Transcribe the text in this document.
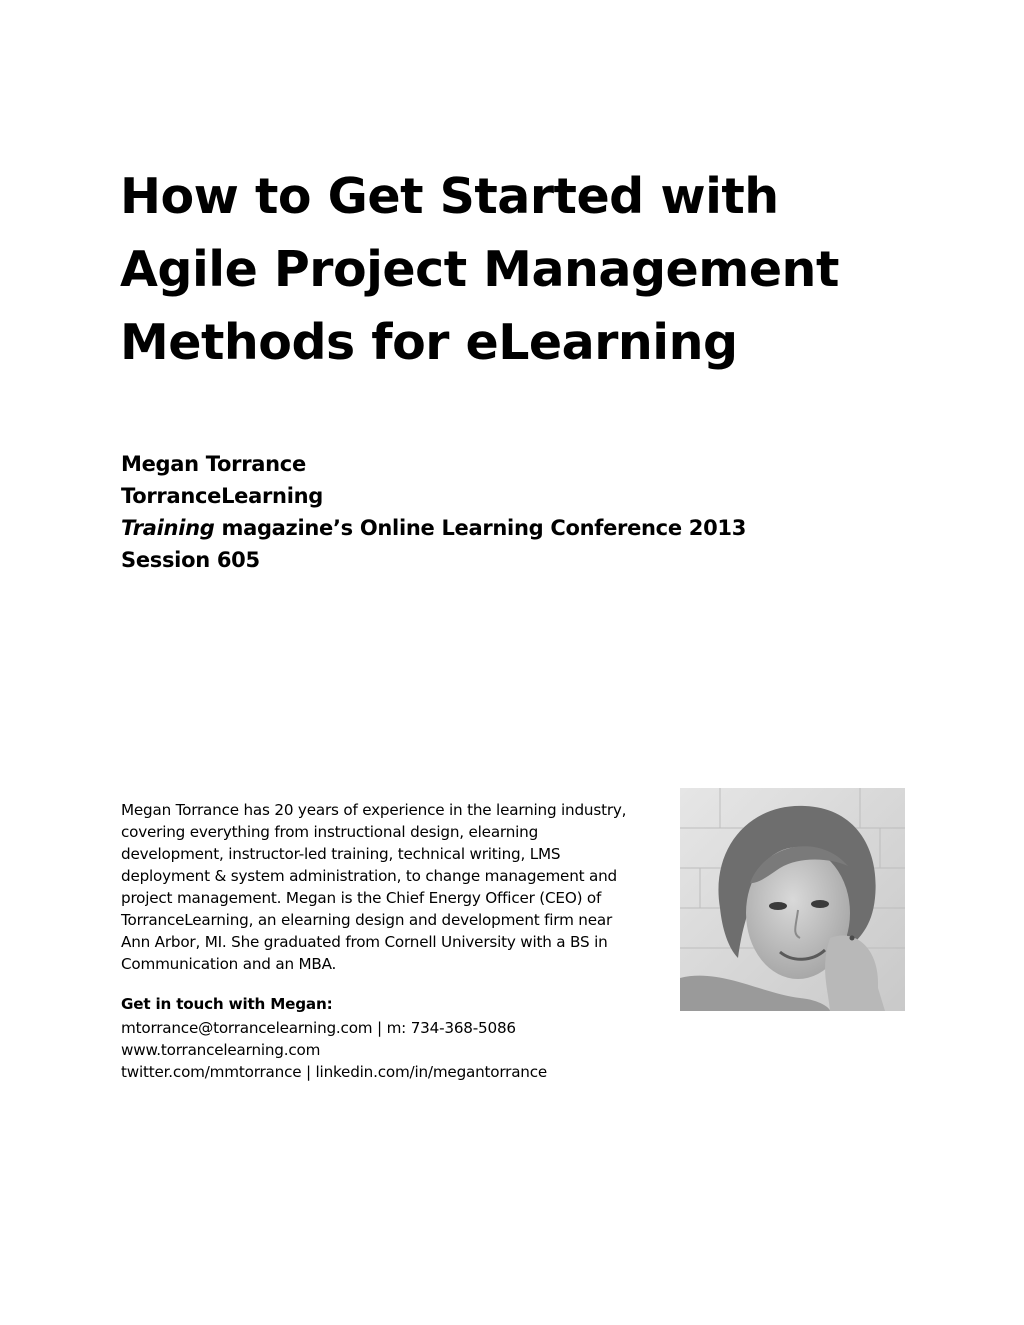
How to Get Started with
Agile Project Management
Methods for eLearning
Megan Torrance
TorranceLearning
Training magazine’s Online Learning Conference 2013
Session 605
Megan Torrance has 20 years of experience in the learning industry,
covering everything from instructional design, elearning
development, instructor-led training, technical writing, LMS
deployment & system administration, to change management and
project management. Megan is the Chief Energy Officer (CEO) of
TorranceLearning, an elearning design and development firm near
Ann Arbor, MI. She graduated from Cornell University with a BS in
Communication and an MBA.
Get in touch with Megan:
mtorrance@torrancelearning.com | m: 734-368-5086
www.torrancelearning.com
twitter.com/mmtorrance | linkedin.com/in/megantorrance
